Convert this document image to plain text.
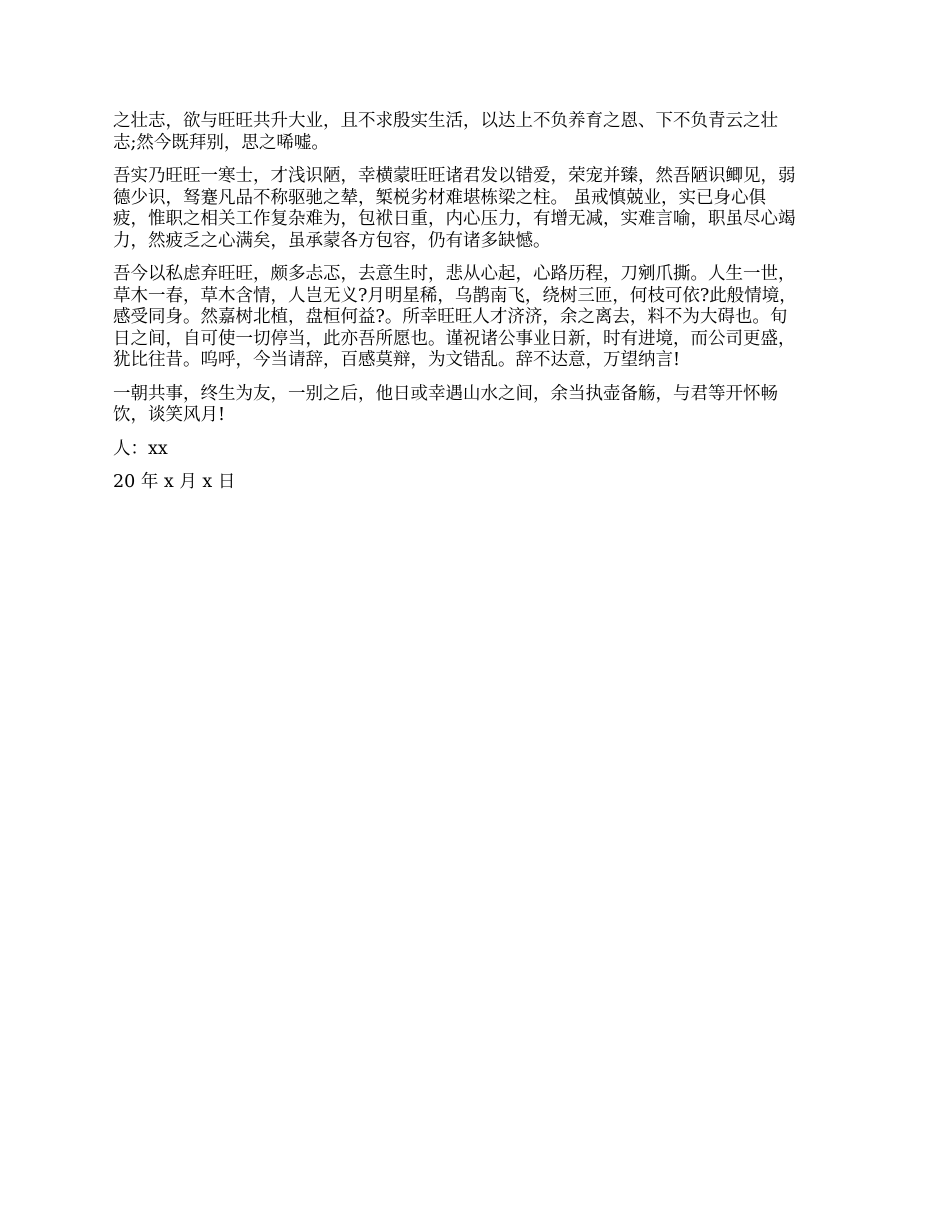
之壮志，欲与旺旺共升大业，且不求殷实生活，以达上不负养育之恩、下不负青云之壮
志;然今既拜别，思之唏嘘。

吾实乃旺旺一寒士，才浅识陋，幸横蒙旺旺诸君发以错爱，荣宠并臻，然吾陋识鲫见，弱
德少识，驽蹇凡品不称驱驰之辇，椠棁劣材难堪栋梁之柱。 虽戒慎兢业，实已身心俱
疲，惟职之相关工作复杂难为，包袱日重，内心压力，有增无减，实难言喻，职虽尽心竭
力，然疲乏之心满矣，虽承蒙各方包容，仍有诸多缺憾。

吾今以私虑弃旺旺，颇多忐忑，去意生时，悲从心起，心路历程，刀剜爪撕。人生一世，
草木一春，草木含情，人岂无义?月明星稀，乌鹊南飞，绕树三匝，何枝可依?此般情境，
感受同身。然嘉树北植，盘桓何益?。所幸旺旺人才济济，余之离去，料不为大碍也。旬
日之间，自可使一切停当，此亦吾所愿也。谨祝诸公事业日新，时有进境，而公司更盛，
犹比往昔。呜呼，今当请辞，百感莫辩，为文错乱。辞不达意，万望纳言!

一朝共事，终生为友，一别之后，他日或幸遇山水之间，余当执壶备觞，与君等开怀畅
饮，谈笑风月!

人：xx

20 年 x 月 x 日
